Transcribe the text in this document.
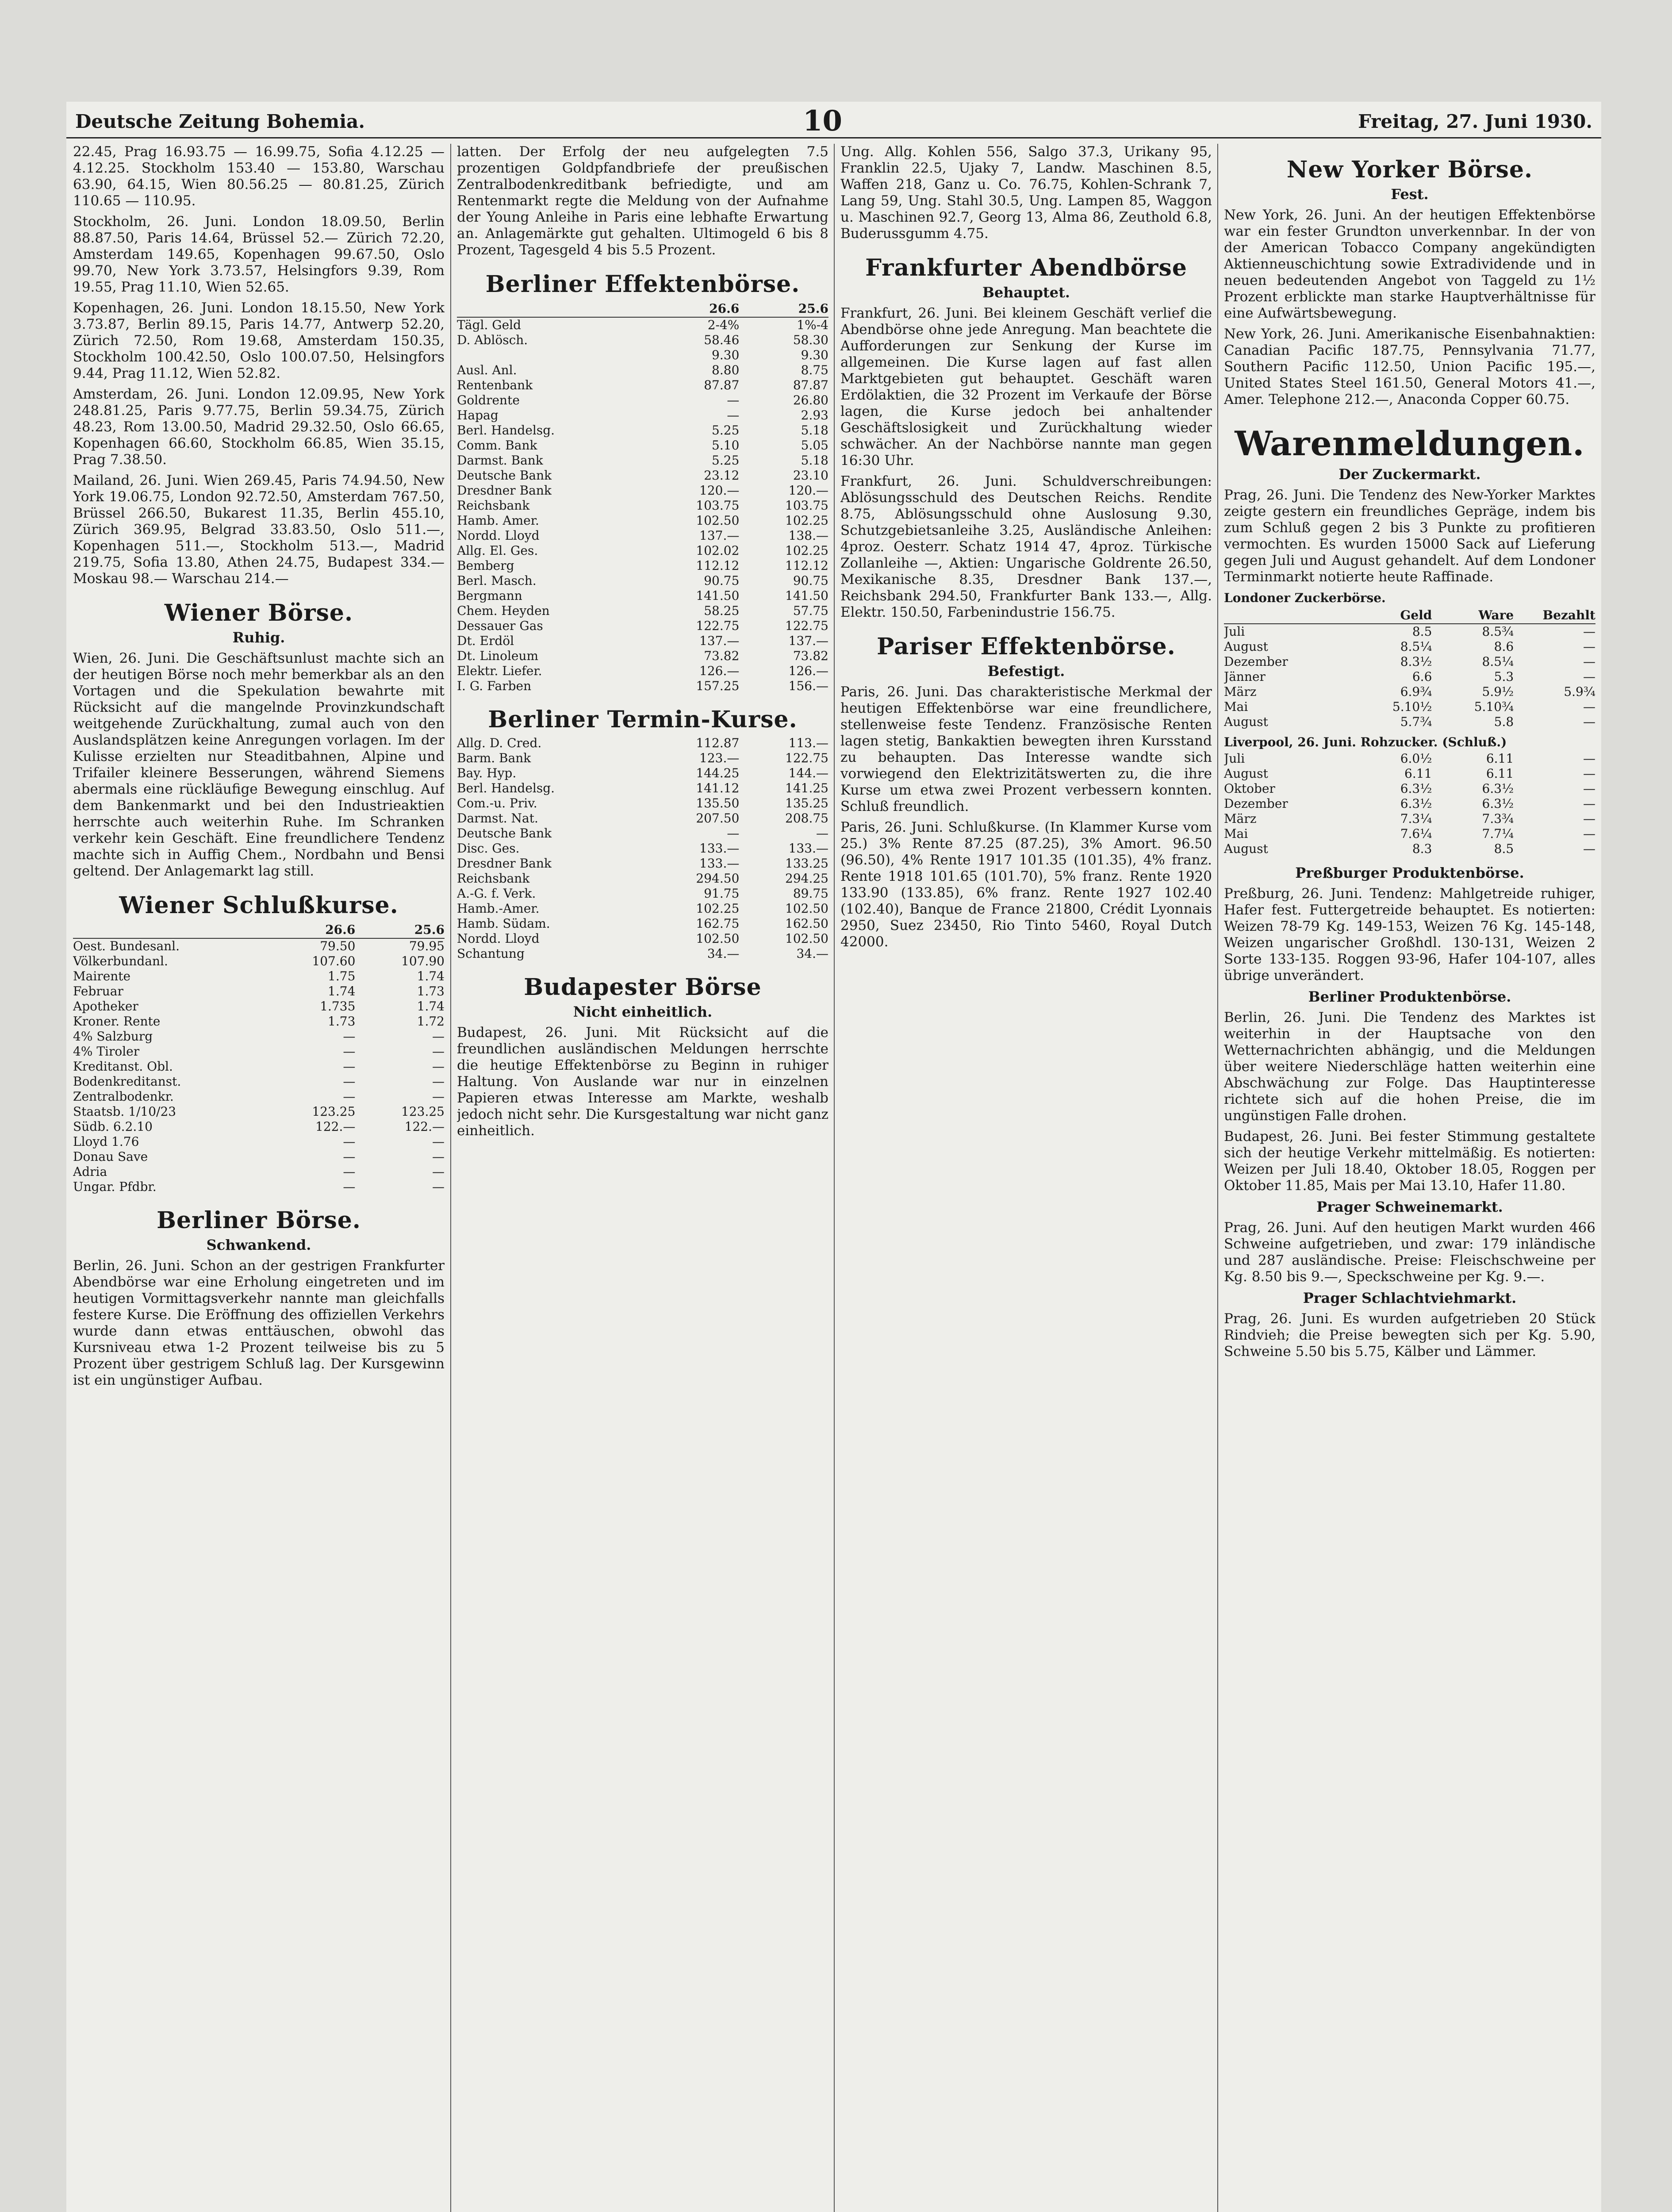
Deutsche Zeitung Bohemia.	10	Freitag, 27. Juni 1930.

22.45, Prag 16.93.75 — 16.99.75, Sofia 4.12.25 — 4.12.25. Stockholm 153.40 — 153.80, Warschau 63.90, 64.15, Wien 80.56.25 — 80.81.25, Zürich 110.65 — 110.95.

Stockholm, 26. Juni. London 18.09.50, Berlin 88.87.50, Paris 14.64, Brüssel 52.— Zürich 72.20, Amsterdam 149.65, Kopenhagen 99.67.50, Oslo 99.70, New York 3.73.57, Helsingfors 9.39, Rom 19.55, Prag 11.10, Wien 52.65.

Kopenhagen, 26. Juni. London 18.15.50, New York 3.73.87, Berlin 89.15, Paris 14.77, Antwerp 52.20, Zürich 72.50, Rom 19.68, Amsterdam 150.35, Stockholm 100.42.50, Oslo 100.07.50, Helsingfors 9.44, Prag 11.12, Wien 52.82.

Amsterdam, 26. Juni. London 12.09.95, New York 248.81.25, Paris 9.77.75, Berlin 59.34.75, Zürich 48.23, Rom 13.00.50, Madrid 29.32.50, Oslo 66.65, Kopenhagen 66.60, Stockholm 66.85, Wien 35.15, Prag 7.38.50.

Mailand, 26. Juni. Wien 269.45, Paris 74.94.50, New York 19.06.75, London 92.72.50, Amsterdam 767.50, Brüssel 266.50, Bukarest 11.35, Berlin 455.10, Zürich 369.95, Belgrad 33.83.50, Oslo 511.—, Kopenhagen 511.—, Stockholm 513.—, Madrid 219.75, Sofia 13.80, Athen 24.75, Budapest 334.— Moskau 98.— Warschau 214.—

Wiener Börse.
Ruhig.

Wien, 26. Juni. Die Geschäftsunlust machte sich an der heutigen Börse noch mehr bemerkbar als an den Vortagen und die Spekulation bewahrte mit Rücksicht auf die mangelnde Provinzkundschaft weitgehende Zurückhaltung, zumal auch von den Auslandsplätzen keine Anregungen vorlagen. Im der Kulisse erzielten nur Steaditbahnen, Alpine und Trifailer kleinere Besserungen, während Siemens abermals eine rückläufige Bewegung einschlug. Auf dem Bankenmarkt und bei den Industrieaktien herrschte auch weiterhin Ruhe. Im Schranken verkehr kein Geschäft. Eine freundlichere Tendenz machte sich in Auffig Chem., Nordbahn und Bensi geltend. Der Anlagemarkt lag still.

Wiener Schlußkurse.
26.6	25.6
Oest. Bundesanl.	79.50	79.95
Völkerbundanl.	107.60	107.90
Mairente	1.75	1.74
Februar	1.74	1.73
Apotheker	1.735	1.74
Kroner. Rente	1.73	1.72
4% Salzburg	—	—
4% Tiroler	—	—
Kreditanst. Obl.	—	—
Bodenkreditanst.	—	—
Zentralbodenkr.	—	—
Staatsb. 1/10/23	123.25	123.25
Südb. 6.2.10	122.—	122.—
Lloyd 1.76	—	—
Donau Save	—	—
Adria	—	—
Ungar. Pfdbr.	—	—
Berliner Börse.
Schwankend.

Berlin, 26. Juni. Schon an der gestrigen Frankfurter Abendbörse war eine Erholung eingetreten und im heutigen Vormittagsverkehr nannte man gleichfalls festere Kurse. Die Eröffnung des offiziellen Verkehrs wurde dann etwas enttäuschen, obwohl das Kursniveau etwa 1-2 Prozent teilweise bis zu 5 Prozent über gestrigem Schluß lag. Der Kursgewinn ist ein ungünstiger Aufbau.

latten. Der Erfolg der neu aufgelegten 7.5 prozentigen Goldpfandbriefe der preußischen Zentralbodenkreditbank befriedigte, und am Rentenmarkt regte die Meldung von der Aufnahme der Young Anleihe in Paris eine lebhafte Erwartung an. Anlagemärkte gut gehalten. Ultimogeld 6 bis 8 Prozent, Tagesgeld 4 bis 5.5 Prozent.

Berliner Effektenbörse.
26.6	25.6
Tägl. Geld	2-4%	1%-4
D. Ablösch.	58.46	58.30
9.30	9.30
Ausl. Anl.	8.80	8.75
Rentenbank	87.87	87.87
Goldrente	—	26.80
Hapag	—	2.93
Berl. Handelsg.	5.25	5.18
Comm. Bank	5.10	5.05
Darmst. Bank	5.25	5.18
Deutsche Bank	23.12	23.10
Dresdner Bank	120.—	120.—
Reichsbank	103.75	103.75
Hamb. Amer.	102.50	102.25
Nordd. Lloyd	137.—	138.—
Allg. El. Ges.	102.02	102.25
Bemberg	112.12	112.12
Berl. Masch.	90.75	90.75
Bergmann	141.50	141.50
Chem. Heyden	58.25	57.75
Dessauer Gas	122.75	122.75
Dt. Erdöl	137.—	137.—
Dt. Linoleum	73.82	73.82
Elektr. Liefer.	126.—	126.—
I. G. Farben	157.25	156.—
Berliner Termin-Kurse.
Allg. D. Cred.	112.87	113.—
Barm. Bank	123.—	122.75
Bay. Hyp.	144.25	144.—
Berl. Handelsg.	141.12	141.25
Com.-u. Priv.	135.50	135.25
Darmst. Nat.	207.50	208.75
Deutsche Bank	—	—
Disc. Ges.	133.—	133.—
Dresdner Bank	133.—	133.25
Reichsbank	294.50	294.25
A.-G. f. Verk.	91.75	89.75
Hamb.-Amer.	102.25	102.50
Hamb. Südam.	162.75	162.50
Nordd. Lloyd	102.50	102.50
Schantung	34.—	34.—
Budapester Börse
Nicht einheitlich.

Budapest, 26. Juni. Mit Rücksicht auf die freundlichen ausländischen Meldungen herrschte die heutige Effektenbörse zu Beginn in ruhiger Haltung. Von Auslande war nur in einzelnen Papieren etwas Interesse am Markte, weshalb jedoch nicht sehr. Die Kursgestaltung war nicht ganz einheitlich.

Ung. Allg. Kohlen 556, Salgo 37.3, Urikany 95, Franklin 22.5, Ujaky 7, Landw. Maschinen 8.5, Waffen 218, Ganz u. Co. 76.75, Kohlen-Schrank 7, Lang 59, Ung. Stahl 30.5, Ung. Lampen 85, Waggon u. Maschinen 92.7, Georg 13, Alma 86, Zeuthold 6.8, Buderussgumm 4.75.

Frankfurter Abendbörse
Behauptet.

Frankfurt, 26. Juni. Bei kleinem Geschäft verlief die Abendbörse ohne jede Anregung. Man beachtete die Aufforderungen zur Senkung der Kurse im allgemeinen. Die Kurse lagen auf fast allen Marktgebieten gut behauptet. Geschäft waren Erdölaktien, die 32 Prozent im Verkaufe der Börse lagen, die Kurse jedoch bei anhaltender Geschäftslosigkeit und Zurückhaltung wieder schwächer. An der Nachbörse nannte man gegen 16:30 Uhr.

Frankfurt, 26. Juni. Schuldverschreibungen: Ablösungsschuld des Deutschen Reichs. Rendite 8.75, Ablösungsschuld ohne Auslosung 9.30, Schutzgebietsanleihe 3.25, Ausländische Anleihen: 4proz. Oesterr. Schatz 1914 47, 4proz. Türkische Zollanleihe —, Aktien: Ungarische Goldrente 26.50, Mexikanische 8.35, Dresdner Bank 137.—, Reichsbank 294.50, Frankfurter Bank 133.—, Allg. Elektr. 150.50, Farbenindustrie 156.75.

Pariser Effektenbörse.
Befestigt.

Paris, 26. Juni. Das charakteristische Merkmal der heutigen Effektenbörse war eine freundlichere, stellenweise feste Tendenz. Französische Renten lagen stetig, Bankaktien bewegten ihren Kursstand zu behaupten. Das Interesse wandte sich vorwiegend den Elektrizitätswerten zu, die ihre Kurse um etwa zwei Prozent verbessern konnten. Schluß freundlich.

Paris, 26. Juni. Schlußkurse. (In Klammer Kurse vom 25.) 3% Rente 87.25 (87.25), 3% Amort. 96.50 (96.50), 4% Rente 1917 101.35 (101.35), 4% franz. Rente 1918 101.65 (101.70), 5% franz. Rente 1920 133.90 (133.85), 6% franz. Rente 1927 102.40 (102.40), Banque de France 21800, Crédit Lyonnais 2950, Suez 23450, Rio Tinto 5460, Royal Dutch 42000.

New Yorker Börse.
Fest.

New York, 26. Juni. An der heutigen Effektenbörse war ein fester Grundton unverkennbar. In der von der American Tobacco Company angekündigten Aktienneuschichtung sowie Extradividende und in neuen bedeutenden Angebot von Taggeld zu 1½ Prozent erblickte man starke Hauptverhältnisse für eine Aufwärtsbewegung.

New York, 26. Juni. Amerikanische Eisenbahnaktien: Canadian Pacific 187.75, Pennsylvania 71.77, Southern Pacific 112.50, Union Pacific 195.—, United States Steel 161.50, General Motors 41.—, Amer. Telephone 212.—, Anaconda Copper 60.75.

Warenmeldungen.
Der Zuckermarkt.

Prag, 26. Juni. Die Tendenz des New-Yorker Marktes zeigte gestern ein freundliches Gepräge, indem bis zum Schluß gegen 2 bis 3 Punkte zu profitieren vermochten. Es wurden 15000 Sack auf Lieferung gegen Juli und August gehandelt. Auf dem Londoner Terminmarkt notierte heute Raffinade.

Londoner Zuckerbörse.
Geld	Ware	Bezahlt
Juli	8.5	8.5¾	—
August	8.5¼	8.6	—
Dezember	8.3½	8.5¼	—
Jänner	6.6	5.3	—
März	6.9¾	5.9½	5.9¾
Mai	5.10½	5.10¾	—
August	5.7¾	5.8	—
Liverpool, 26. Juni. Rohzucker. (Schluß.)
Juli	6.0½	6.11	—
August	6.11	6.11	—
Oktober	6.3½	6.3½	—
Dezember	6.3½	6.3½	—
März	7.3¼	7.3¾	—
Mai	7.6¼	7.7¼	—
August	8.3	8.5	—
Preßburger Produktenbörse.

Preßburg, 26. Juni. Tendenz: Mahlgetreide ruhiger, Hafer fest. Futtergetreide behauptet. Es notierten: Weizen 78-79 Kg. 149-153, Weizen 76 Kg. 145-148, Weizen ungarischer Großhdl. 130-131, Weizen 2 Sorte 133-135. Roggen 93-96, Hafer 104-107, alles übrige unverändert.

Berliner Produktenbörse.

Berlin, 26. Juni. Die Tendenz des Marktes ist weiterhin in der Hauptsache von den Wetternachrichten abhängig, und die Meldungen über weitere Niederschläge hatten weiterhin eine Abschwächung zur Folge. Das Hauptinteresse richtete sich auf die hohen Preise, die im ungünstigen Falle drohen.

Budapest, 26. Juni. Bei fester Stimmung gestaltete sich der heutige Verkehr mittelmäßig. Es notierten: Weizen per Juli 18.40, Oktober 18.05, Roggen per Oktober 11.85, Mais per Mai 13.10, Hafer 11.80.

Prager Schweinemarkt.

Prag, 26. Juni. Auf den heutigen Markt wurden 466 Schweine aufgetrieben, und zwar: 179 inländische und 287 ausländische. Preise: Fleischschweine per Kg. 8.50 bis 9.—, Speckschweine per Kg. 9.—.

Prager Schlachtviehmarkt.

Prag, 26. Juni. Es wurden aufgetrieben 20 Stück Rindvieh; die Preise bewegten sich per Kg. 5.90, Schweine 5.50 bis 5.75, Kälber und Lämmer.
